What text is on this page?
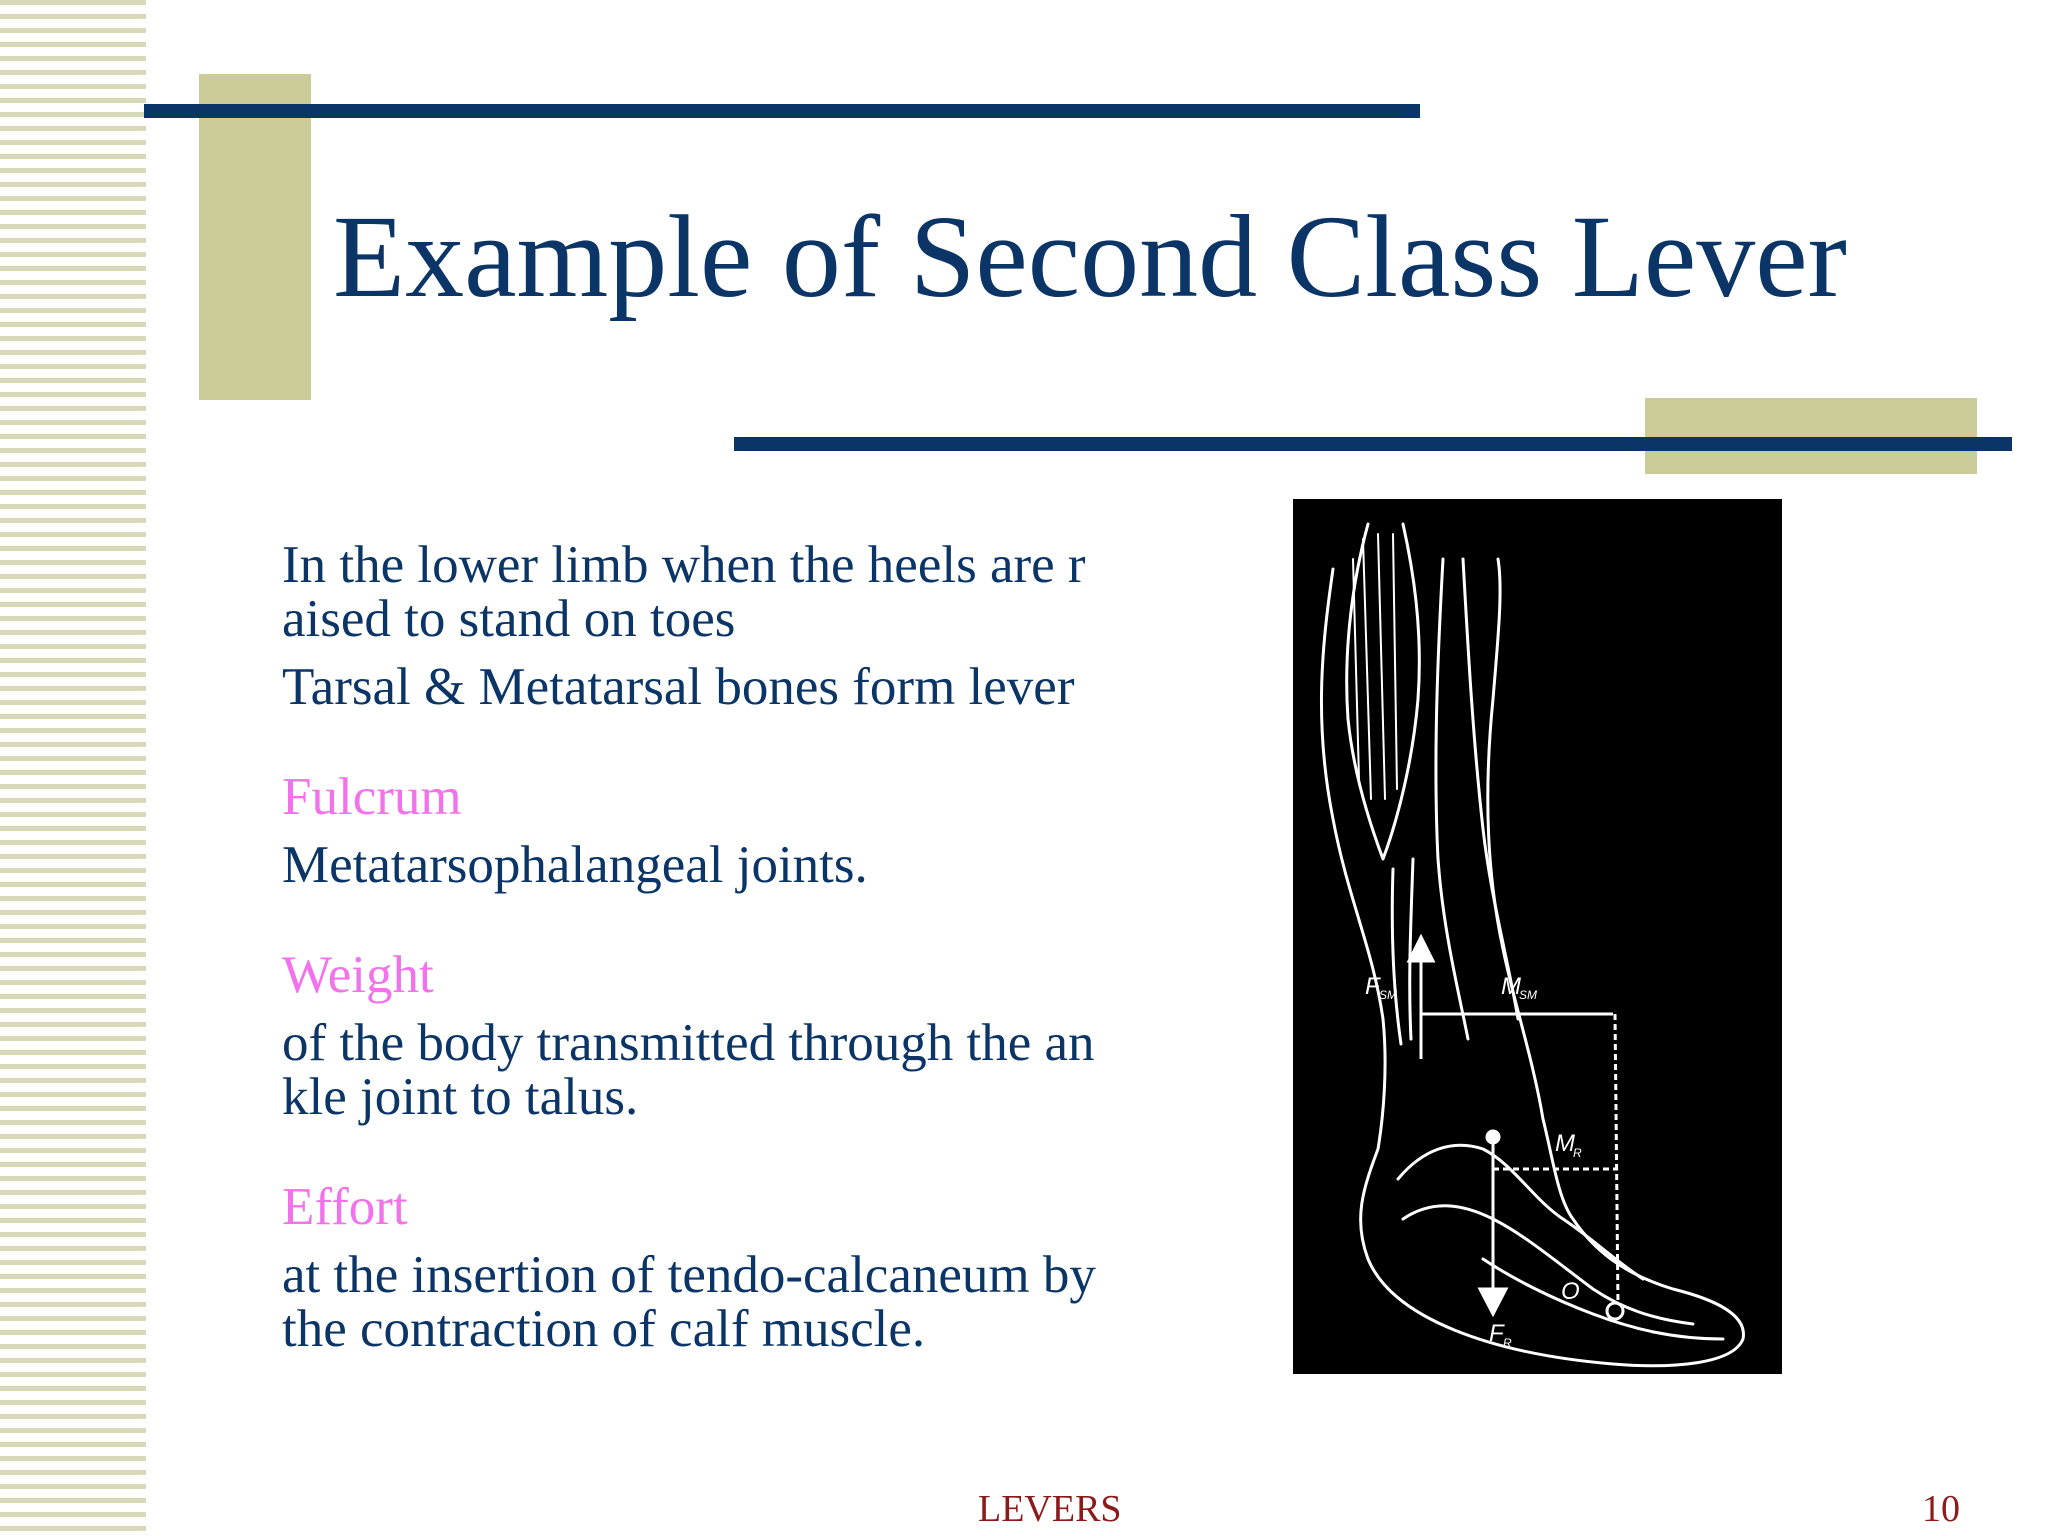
Example of Second Class Lever

In the lower limb when the heels are r

aised to stand on toes

Tarsal & Metatarsal bones form lever

Fulcrum

Metatarsophalangeal joints.

Weight

of the body transmitted through the an

kle joint to talus.

Effort

at the insertion of tendo-calcaneum by

the contraction of calf muscle.

F SM	M
SM
M
R
O
F R
LEVERS	10
